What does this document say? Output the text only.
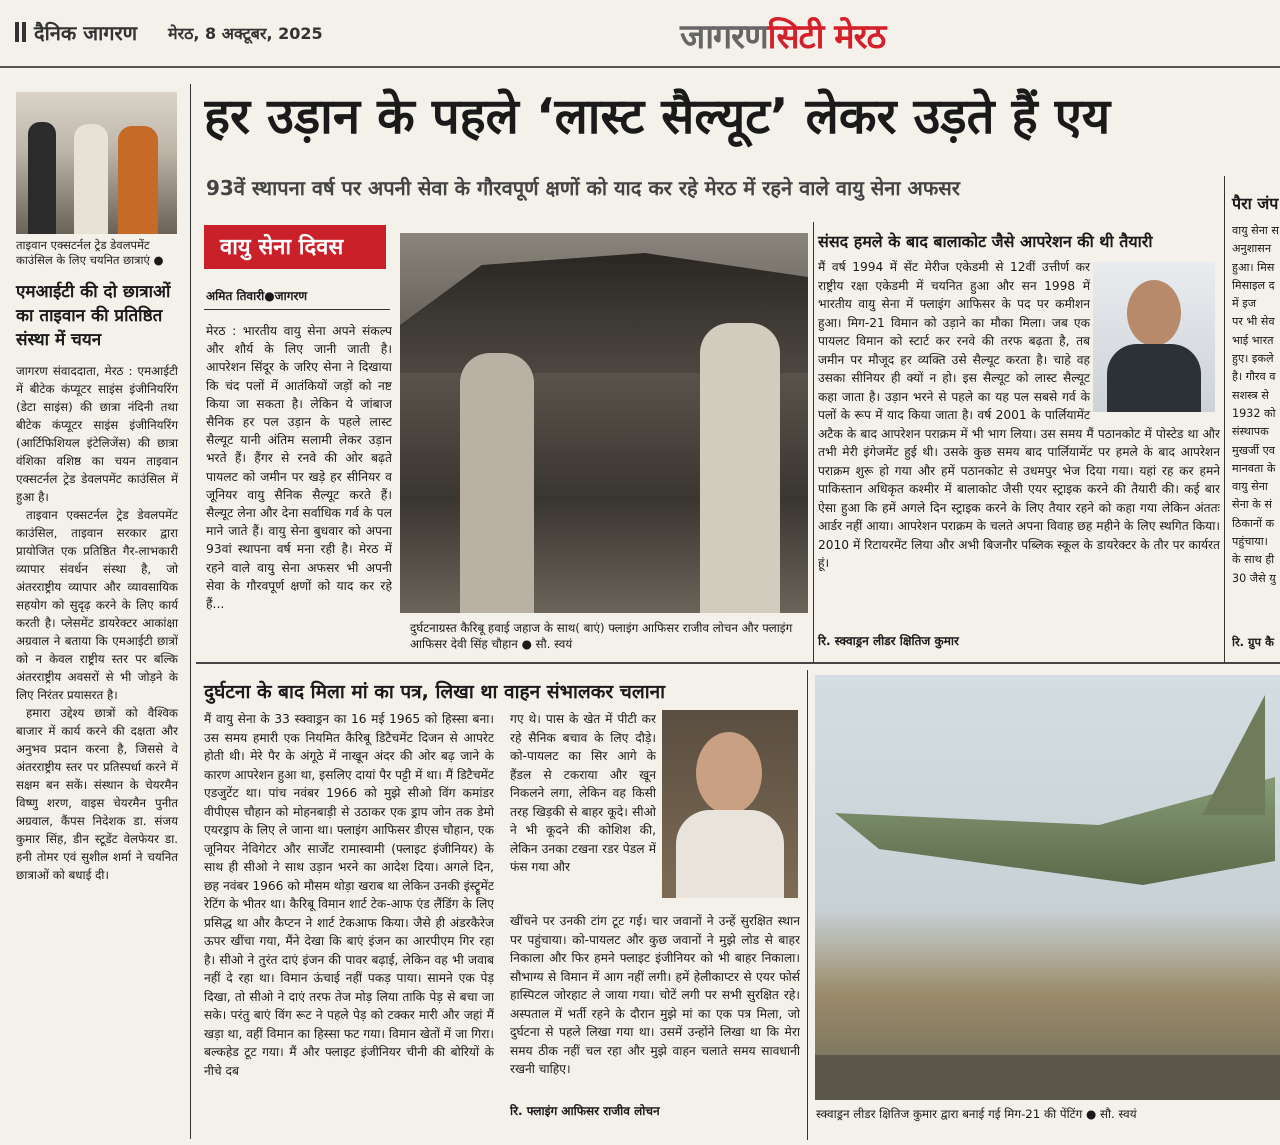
दैनिक जागरण मेरठ, 8 अक्टूबर, 2025	जागरणसिटी मेरठ
ताइवान एक्सटर्नल ट्रेड डेवलपमेंट काउंसिल के लिए चयनित छात्राएं ●
एमआईटी की दो छात्राओं का ताइवान की प्रतिष्ठित संस्था में चयन

जागरण संवाददाता, मेरठ : एमआईटी में बीटेक कंप्यूटर साइंस इंजीनियरिंग (डेटा साइंस) की छात्रा नंदिनी तथा बीटेक कंप्यूटर साइंस इंजीनियरिंग (आर्टिफिशियल इंटेलिजेंस) की छात्रा वंशिका वशिष्ठ का चयन ताइवान एक्सटर्नल ट्रेड डेवलपमेंट काउंसिल में हुआ है।

ताइवान एक्सटर्नल ट्रेड डेवलपमेंट काउंसिल, ताइवान सरकार द्वारा प्रायोजित एक प्रतिष्ठित गैर-लाभकारी व्यापार संवर्धन संस्था है, जो अंतरराष्ट्रीय व्यापार और व्यावसायिक सहयोग को सुदृढ़ करने के लिए कार्य करती है। प्लेसमेंट डायरेक्टर आकांक्षा अग्रवाल ने बताया कि एमआईटी छात्रों को न केवल राष्ट्रीय स्तर पर बल्कि अंतरराष्ट्रीय अवसरों से भी जोड़ने के लिए निरंतर प्रयासरत है।

हमारा उद्देश्य छात्रों को वैश्विक बाजार में कार्य करने की दक्षता और अनुभव प्रदान करना है, जिससे वे अंतरराष्ट्रीय स्तर पर प्रतिस्पर्धा करने में सक्षम बन सकें। संस्थान के चेयरमैन विष्णु शरण, वाइस चेयरमैन पुनीत अग्रवाल, कैंपस निदेशक डा. संजय कुमार सिंह, डीन स्टूडेंट वेलफेयर डा. हनी तोमर एवं सुशील शर्मा ने चयनित छात्राओं को बधाई दी।

हर उड़ान के पहले ‘लास्ट सैल्यूट’ लेकर उड़ते हैं एय
93वें स्थापना वर्ष पर अपनी सेवा के गौरवपूर्ण क्षणों को याद कर रहे मेरठ में रहने वाले वायु सेना अफसर
वायु सेना दिवस
अमित तिवारी●जागरण
मेरठ : भारतीय वायु सेना अपने संकल्प और शौर्य के लिए जानी जाती है। आपरेशन सिंदूर के जरिए सेना ने दिखाया कि चंद पलों में आतंकियों जड़ों को नष्ट किया जा सकता है। लेकिन ये जांबाज सैनिक हर पल उड़ान के पहले लास्ट सैल्यूट यानी अंतिम सलामी लेकर उड़ान भरते हैं। हैंगर से रनवे की ओर बढ़ते पायलट को जमीन पर खड़े हर सीनियर व जूनियर वायु सैनिक सैल्यूट करते हैं। सैल्यूट लेना और देना सर्वाधिक गर्व के पल माने जाते हैं। वायु सेना बुधवार को अपना 93वां स्थापना वर्ष मना रही है। मेरठ में रहने वाले वायु सेना अफसर भी अपनी सेवा के गौरवपूर्ण क्षणों को याद कर रहे हैं...
दुर्घटनाग्रस्त कैरिबू हवाई जहाज के साथ( बाएं) फ्लाइंग आफिसर राजीव लोचन और फ्लाइंग आफिसर देवी सिंह चौहान ● सौ. स्वयं
संसद हमले के बाद बालाकोट जैसे आपरेशन की थी तैयारी
मैं वर्ष 1994 में सेंट मेरीज एकेडमी से 12वीं उत्तीर्ण कर राष्ट्रीय रक्षा एकेडमी में चयनित हुआ और सन 1998 में भारतीय वायु सेना में फ्लाइंग आफिसर के पद पर कमीशन हुआ। मिग-21 विमान को उड़ाने का मौका मिला। जब एक पायलट विमान को स्टार्ट कर रनवे की तरफ बढ़ता है, तब जमीन पर मौजूद हर व्यक्ति उसे सैल्यूट करता है। चाहे वह उसका सीनियर ही क्यों न हो। इस सैल्यूट को लास्ट सैल्यूट कहा जाता है। उड़ान भरने से पहले का यह पल सबसे गर्व के पलों के रूप में याद किया जाता है। वर्ष 2001 के पार्लियामेंट अटैक के बाद आपरेशन पराक्रम में भी भाग लिया। उस समय मैं पठानकोट में पोस्टेड था और तभी मेरी इंगेजमेंट हुई थी। उसके कुछ समय बाद पार्लियामेंट पर हमले के बाद आपरेशन पराक्रम शुरू हो गया और हमें पठानकोट से उधमपुर भेज दिया गया। यहां रह कर हमने पाकिस्तान अधिकृत कश्मीर में बालाकोट जैसी एयर स्ट्राइक करने की तैयारी की। कई बार ऐसा हुआ कि हमें अगले दिन स्ट्राइक करने के लिए तैयार रहने को कहा गया लेकिन अंततः आर्डर नहीं आया। आपरेशन पराक्रम के चलते अपना विवाह छह महीने के लिए स्थगित किया। 2010 में रिटायरमेंट लिया और अभी बिजनौर पब्लिक स्कूल के डायरेक्टर के तौर पर कार्यरत हूं।
रि. स्क्वाड्रन लीडर क्षितिज कुमार
पैरा जंप
वायु सेना स
अनुशासन
हुआ। मिस
मिसाइल द
में इज
पर भी सेव
भाई भारत
हुए। इकले
है। गौरव व
सशस्त्र से
1932 को
संस्थापक
मुखर्जी एव
मानवता के
वायु सेना
सेना के सं
ठिकानों क
पहुंचाया।
के साथ ही
30 जैसे यु
रि. ग्रुप कै
दुर्घटना के बाद मिला मां का पत्र, लिखा था वाहन संभालकर चलाना
मैं वायु सेना के 33 स्क्वाड्रन का 16 मई 1965 को हिस्सा बना। उस समय हमारी एक नियमित कैरिबू डिटैचमेंट दिजन से आपरेट होती थी। मेरे पैर के अंगूठे में नाखून अंदर की ओर बढ़ जाने के कारण आपरेशन हुआ था, इसलिए दायां पैर पट्टी में था। मैं डिटैचमेंट एडजुटेंट था। पांच नवंबर 1966 को मुझे सीओ विंग कमांडर वीपीएस चौहान को मोहनबाड़ी से उठाकर एक ड्राप जोन तक डेमो एयरड्राप के लिए ले जाना था। फ्लाइंग आफिसर डीएस चौहान, एक जूनियर नेविगेटर और सार्जेंट रामास्वामी (फ्लाइट इंजीनियर) के साथ ही सीओ ने साथ उड़ान भरने का आदेश दिया। अगले दिन, छह नवंबर 1966 को मौसम थोड़ा खराब था लेकिन उनकी इंस्ट्रूमेंट रेटिंग के भीतर था। कैरिबू विमान शार्ट टेक-आफ एंड लैंडिंग के लिए प्रसिद्ध था और कैप्टन ने शार्ट टेकआफ किया। जैसे ही अंडरकैरेज ऊपर खींचा गया, मैंने देखा कि बाएं इंजन का आरपीएम गिर रहा है। सीओ ने तुरंत दाएं इंजन की पावर बढ़ाई, लेकिन वह भी जवाब नहीं दे रहा था। विमान ऊंचाई नहीं पकड़ पाया। सामने एक पेड़ दिखा, तो सीओ ने दाएं तरफ तेज मोड़ लिया ताकि पेड़ से बचा जा सके। परंतु बाएं विंग रूट ने पहले पेड़ को टक्कर मारी और जहां मैं खड़ा था, वहीं विमान का हिस्सा फट गया। विमान खेतों में जा गिरा। बल्कहेड टूट गया। मैं और फ्लाइट इंजीनियर चीनी की बोरियों के नीचे दब
गए थे। पास के खेत में पीटी कर रहे सैनिक बचाव के लिए दौड़े। को-पायलट का सिर आगे के हैंडल से टकराया और खून निकलने लगा, लेकिन वह किसी तरह खिड़की से बाहर कूदे। सीओ ने भी कूदने की कोशिश की, लेकिन उनका टखना रडर पेडल में फंस गया और
खींचने पर उनकी टांग टूट गई। चार जवानों ने उन्हें सुरक्षित स्थान पर पहुंचाया। को-पायलट और कुछ जवानों ने मुझे लोड से बाहर निकाला और फिर हमने फ्लाइट इंजीनियर को भी बाहर निकाला। सौभाग्य से विमान में आग नहीं लगी। हमें हेलीकाप्टर से एयर फोर्स हास्पिटल जोरहाट ले जाया गया। चोटें लगी पर सभी सुरक्षित रहे। अस्पताल में भर्ती रहने के दौरान मुझे मां का एक पत्र मिला, जो दुर्घटना से पहले लिखा गया था। उसमें उन्होंने लिखा था कि मेरा समय ठीक नहीं चल रहा और मुझे वाहन चलाते समय सावधानी रखनी चाहिए।
रि. फ्लाइंग आफिसर राजीव लोचन	स्क्वाड्रन लीडर क्षितिज कुमार द्वारा बनाई गई मिग-21 की पेंटिंग ● सौ. स्वयं
